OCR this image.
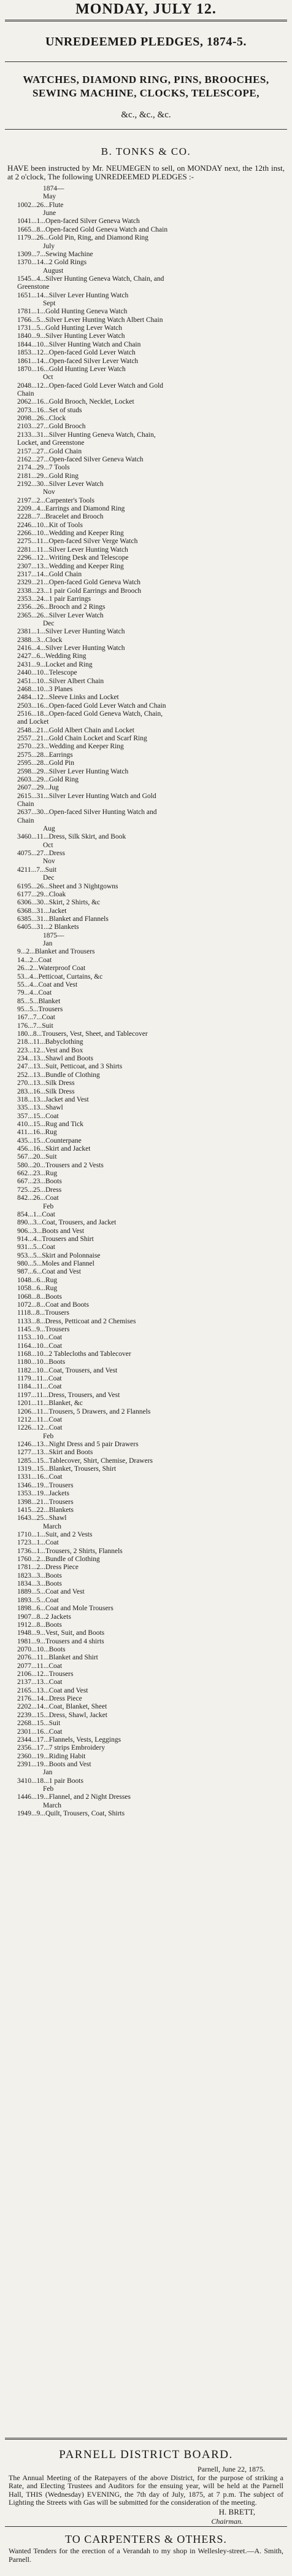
MONDAY, JULY 12.
UNREDEEMED PLEDGES, 1874-5.
WATCHES, DIAMOND RING, PINS, BROOCHES, SEWING MACHINE, CLOCKS, TELESCOPE,
&c., &c., &c.
B. TONKS & CO.
HAVE been instructed by Mr. NEUMEGEN to sell, on MONDAY next, the 12th inst, at 2 o'clock, The following UNREDEEMED PLEDGES :-
1874—
May
1002...26...Flute
June
1041...1...Open-faced Silver Geneva Watch
1665...8...Open-faced Gold Geneva Watch and Chain
1179...26...Gold Pin, Ring, and Diamond Ring
July
1309...7...Sewing Machine
1370...14...2 Gold Rings
August
1545...4...Silver Hunting Geneva Watch, Chain, and
Greenstone
1651...14...Silver Lever Hunting Watch
Sept
1781...1...Gold Hunting Geneva Watch
1766...5...Silver Lever Hunting Watch Albert Chain
1731...5...Gold Hunting Lever Watch
1840...9...Silver Hunting Lever Watch
1844...10...Silver Hunting Watch and Chain
1853...12...Open-faced Gold Lever Watch
1861...14...Open-faced Silver Lever Watch
1870...16...Gold Hunting Lever Watch
Oct
2048...12...Open-faced Gold Lever Watch and Gold
Chain
2062...16...Gold Brooch, Necklet, Locket
2073...16...Set of studs
2098...26...Clock
2103...27...Gold Brooch
2133...31...Silver Hunting Geneva Watch, Chain,
Locket, and Greenstone
2157...27...Gold Chain
2162...27...Open-faced Silver Geneva Watch
2174...29...7 Tools
2181...29...Gold Ring
2192...30...Silver Lever Watch
Nov
2197...2...Carpenter's Tools
2209...4...Earrings and Diamond Ring
2228...7...Bracelet and Brooch
2246...10...Kit of Tools
2266...10...Wedding and Keeper Ring
2275...11...Open-faced Silver Verge Watch
2281...11...Silver Lever Hunting Watch
2296...12...Writing Desk and Telescope
2307...13...Wedding and Keeper Ring
2317...14...Gold Chain
2329...21...Open-faced Gold Geneva Watch
2338...23...1 pair Gold Earrings and Brooch
2353...24...1 pair Earrings
2356...26...Brooch and 2 Rings
2365...26...Silver Lever Watch
Dec
2381...1...Silver Lever Hunting Watch
2388...3...Clock
2416...4...Silver Lever Hunting Watch
2427...6...Wedding Ring
2431...9...Locket and Ring
2440...10...Telescope
2451...10...Silver Albert Chain
2468...10...3 Planes
2484...12...Sleeve Links and Locket
2503...16...Open-faced Gold Lever Watch and Chain
2516...18...Open-faced Gold Geneva Watch, Chain,
and Locket
2548...21...Gold Albert Chain and Locket
2557...21...Gold Chain Locket and Scarf Ring
2570...23...Wedding and Keeper Ring
2575...28...Earrings
2595...28...Gold Pin
2598...29...Silver Lever Hunting Watch
2603...29...Gold Ring
2607...29...Jug
2615...31...Silver Lever Hunting Watch and Gold
Chain
2637...30...Open-faced Silver Hunting Watch and
Chain
Aug
3460...11...Dress, Silk Skirt, and Book
Oct
4075...27...Dress
Nov
4211...7...Suit
Dec
6195...26...Sheet and 3 Nightgowns
6177...29...Cloak
6306...30...Skirt, 2 Shirts, &c
6368...31...Jacket
6385...31...Blanket and Flannels
6405...31...2 Blankets
1875—
Jan
9...2...Blanket and Trousers
14...2...Coat
26...2...Waterproof Coat
53...4...Petticoat, Curtains, &c
55...4...Coat and Vest
79...4...Coat
85...5...Blanket
95...5...Trousers
167...7...Coat
176...7...Suit
180...8...Trousers, Vest, Sheet, and Tablecover
218...11...Babyclothing
223...12...Vest and Box
234...13...Shawl and Boots
247...13...Suit, Petticoat, and 3 Shirts
252...13...Bundle of Clothing
270...13...Silk Dress
283...16...Silk Dress
318...13...Jacket and Vest
335...13...Shawl
357...15...Coat
410...15...Rug and Tick
411...16...Rug
435...15...Counterpane
456...16...Skirt and Jacket
567...20...Suit
580...20...Trousers and 2 Vests
662...23...Rug
667...23...Boots
725...25...Dress
842...26...Coat
Feb
854...1...Coat
890...3...Coat, Trousers, and Jacket
906...3...Boots and Vest
914...4...Trousers and Shirt
931...5...Coat
953...5...Skirt and Polonnaise
980...5...Moles and Flannel
987...6...Coat and Vest
1048...6...Rug
1058...6...Rug
1068...8...Boots
1072...8...Coat and Boots
1118...8...Trousers
1133...8...Dress, Petticoat and 2 Chemises
1145...9...Trousers
1153...10...Coat
1164...10...Coat
1168...10...2 Tablecloths and Tablecover
1180...10...Boots
1182...10...Coat, Trousers, and Vest
1179...11...Coat
1184...11...Coat
1197...11...Dress, Trousers, and Vest
1201...11...Blanket, &c
1206...11...Trousers, 5 Drawers, and 2 Flannels
1212...11...Coat
1226...12...Coat
Feb
1246...13...Night Dress and 5 pair Drawers
1277...13...Skirt and Boots
1285...15...Tablecover, Shirt, Chemise, Drawers
1319...15...Blanket, Trousers, Shirt
1331...16...Coat
1346...19...Trousers
1353...19...Jackets
1398...21...Trousers
1415...22...Blankets
1643...25...Shawl
March
1710...1...Suit, and 2 Vests
1723...1...Coat
1736...1...Trousers, 2 Shirts, Flannels
1760...2...Bundle of Clothing
1781...2...Dress Piece
1823...3...Boots
1834...3...Boots
1889...5...Coat and Vest
1893...5...Coat
1898...6...Coat and Mole Trousers
1907...8...2 Jackets
1912...8...Boots
1948...9...Vest, Suit, and Boots
1981...9...Trousers and 4 shirts
2070...10...Boots
2076...11...Blanket and Shirt
2077...11...Coat
2106...12...Trousers
2137...13...Coat
2165...13...Coat and Vest
2176...14...Dress Piece
2202...14...Coat, Blanket, Sheet
2239...15...Dress, Shawl, Jacket
2268...15...Suit
2301...16...Coat
2344...17...Flannels, Vests, Leggings
2356...17...7 strips Embroidery
2360...19...Riding Habit
2391...19...Boots and Vest
Jan
3410...18...1 pair Boots
Feb
1446...19...Flannel, and 2 Night Dresses
March
1949...9...Quilt, Trousers, Coat, Shirts
PARNELL DISTRICT BOARD.
Parnell, June 22, 1875.
The Annual Meeting of the Ratepayers of the above District, for the purpose of striking a Rate, and Electing Trustees and Auditors for the ensuing year, will be held at the Parnell Hall, THIS (Wednesday) EVENING, the 7th day of July, 1875, at 7 p.m. The subject of Lighting the Streets with Gas will be submitted for the consideration of the meeting.
H. BRETT,
Chairman.
TO CARPENTERS & OTHERS.
Wanted Tenders for the erection of a Verandah to my shop in Wellesley-street.—A. Smith, Parnell.
